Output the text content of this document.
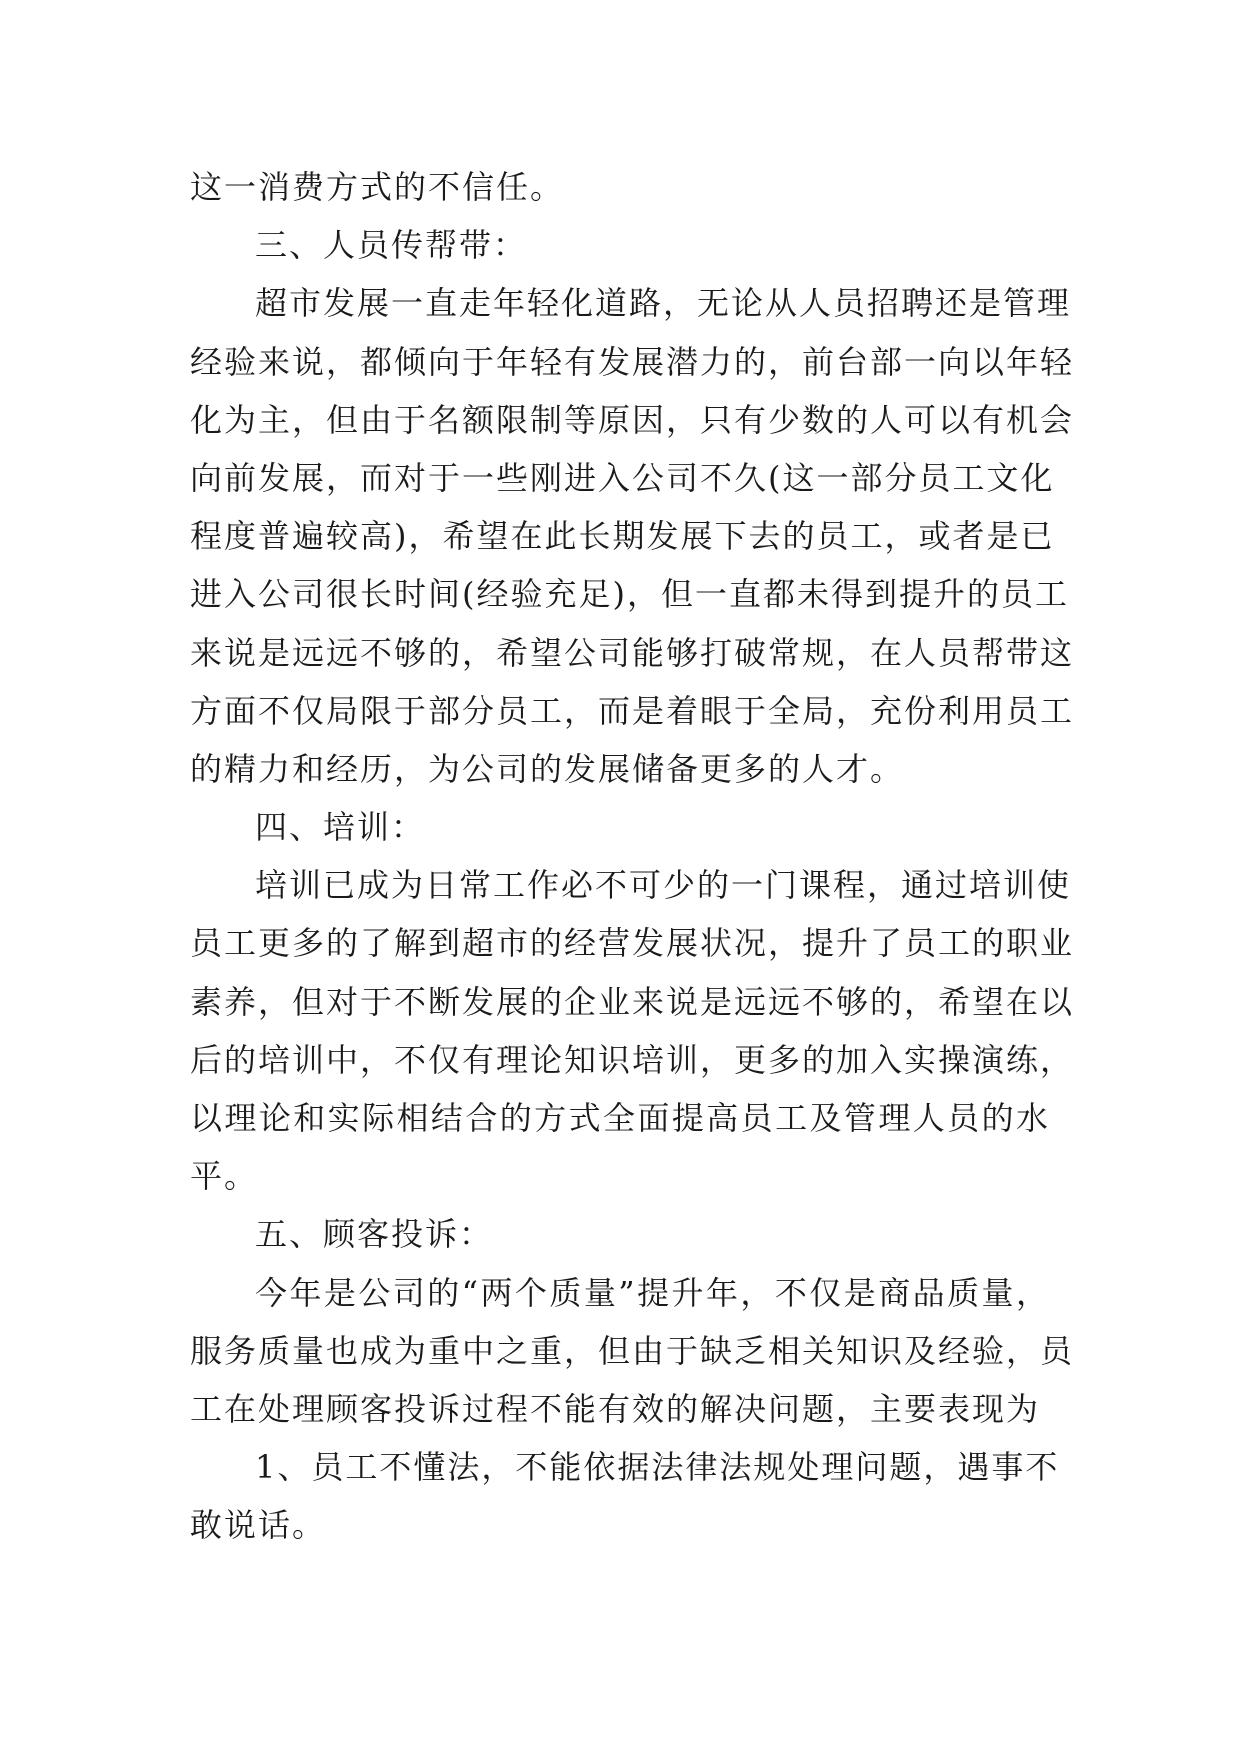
这一消费方式的不信任。
三、人员传帮带：
超市发展一直走年轻化道路，无论从人员招聘还是管理
经验来说，都倾向于年轻有发展潜力的，前台部一向以年轻
化为主，但由于名额限制等原因，只有少数的人可以有机会
向前发展，而对于一些刚进入公司不久(这一部分员工文化
程度普遍较高)，希望在此长期发展下去的员工，或者是已
进入公司很长时间(经验充足)，但一直都未得到提升的员工
来说是远远不够的，希望公司能够打破常规，在人员帮带这
方面不仅局限于部分员工，而是着眼于全局，充份利用员工
的精力和经历，为公司的发展储备更多的人才。
四、培训：
培训已成为日常工作必不可少的一门课程，通过培训使
员工更多的了解到超市的经营发展状况，提升了员工的职业
素养，但对于不断发展的企业来说是远远不够的，希望在以
后的培训中，不仅有理论知识培训，更多的加入实操演练，
以理论和实际相结合的方式全面提高员工及管理人员的水
平。
五、顾客投诉：
今年是公司的“两个质量”提升年，不仅是商品质量，
服务质量也成为重中之重，但由于缺乏相关知识及经验，员
工在处理顾客投诉过程不能有效的解决问题，主要表现为
1、员工不懂法，不能依据法律法规处理问题，遇事不
敢说话。
